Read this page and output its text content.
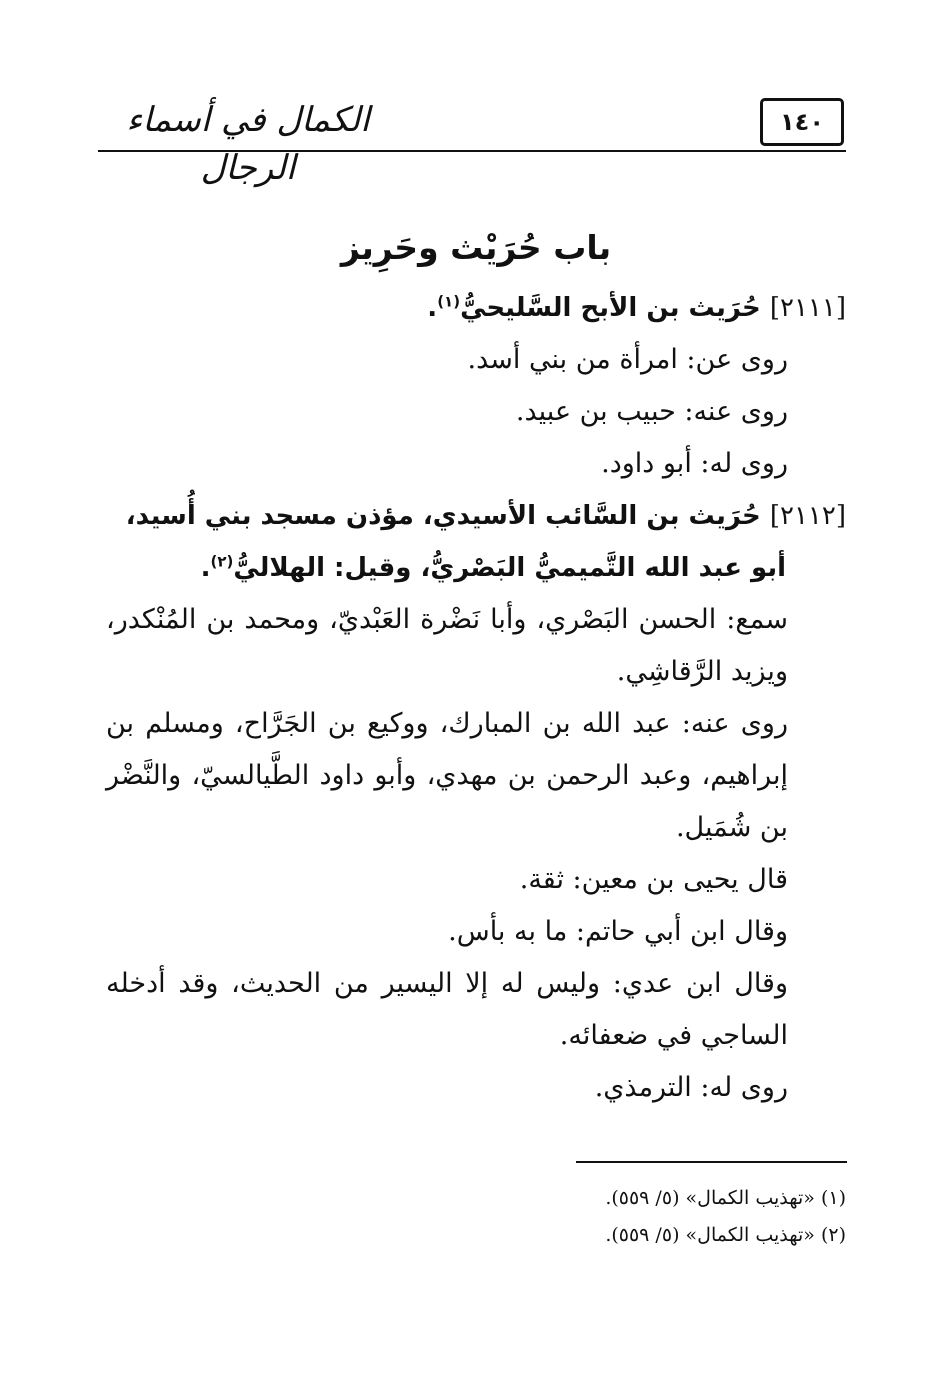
الكمال في أسماء الرجال
١٤٠
باب حُرَيْث وحَرِيز
[٢١١١] حُرَيث بن الأبح السَّليحيُّ$^{(١)}$.

روى عن: امرأة من بني أسد.

روى عنه: حبيب بن عبيد.

روى له: أبو داود.

[٢١١٢] حُرَيث بن السَّائب الأسيدي، مؤذن مسجد بني أُسيد،
أبو عبد الله التَّميميُّ البَصْريُّ، وقيل: الهلاليُّ$^{(٢)}$.

سمع: الحسن البَصْري، وأبا نَضْرة العَبْديّ، ومحمد بن المُنْكدر، ويزيد الرَّقاشِي.

روى عنه: عبد الله بن المبارك، ووكيع بن الجَرَّاح، ومسلم بن إبراهيم، وعبد الرحمن بن مهدي، وأبو داود الطَّيالسيّ، والنَّضْر بن شُمَيل.

قال يحيى بن معين: ثقة.

وقال ابن أبي حاتم: ما به بأس.

وقال ابن عدي: وليس له إلا اليسير من الحديث، وقد أدخله الساجي في ضعفائه.

روى له: الترمذي.

(١) «تهذيب الكمال» (٥/ ٥٥٩).
(٢) «تهذيب الكمال» (٥/ ٥٥٩).
